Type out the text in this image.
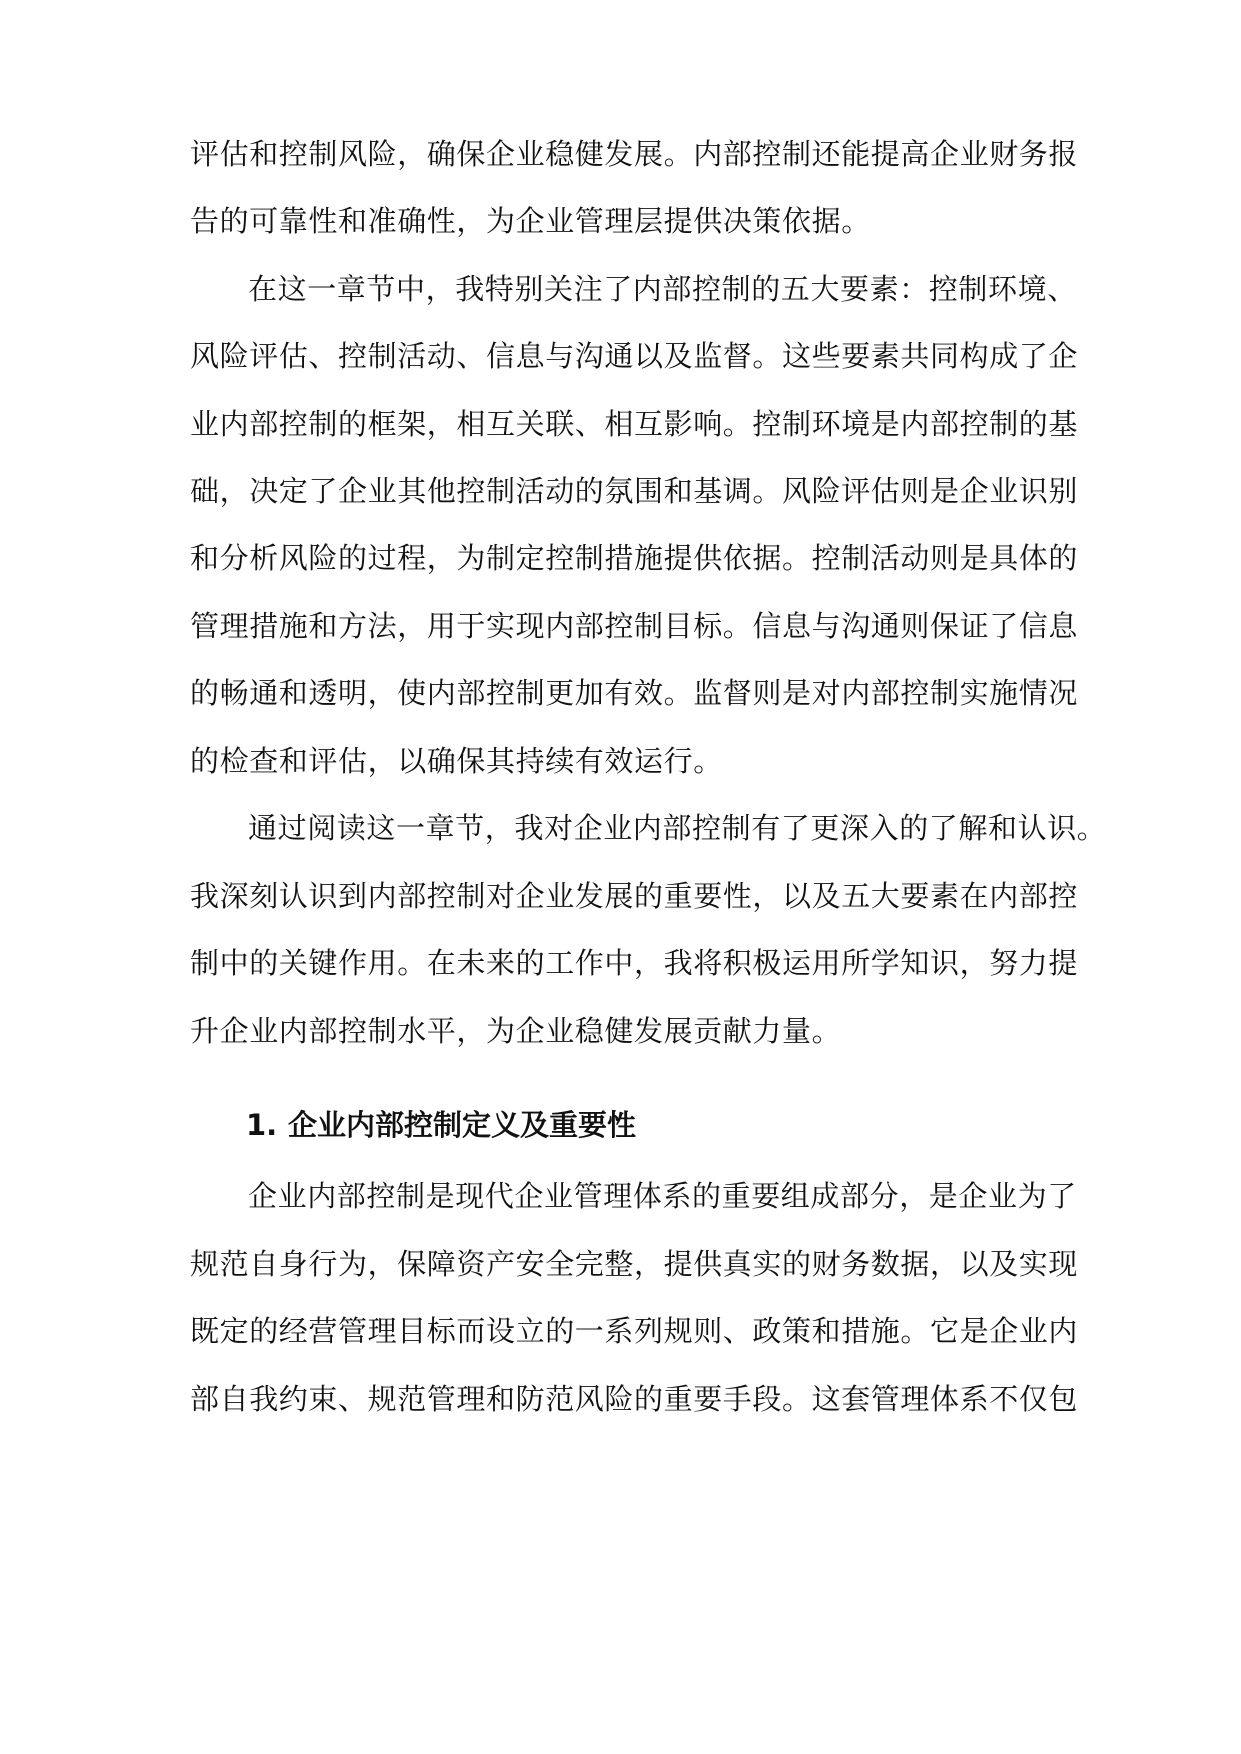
评估和控制风险，确保企业稳健发展。内部控制还能提高企业财务报
告的可靠性和准确性，为企业管理层提供决策依据。
在这一章节中，我特别关注了内部控制的五大要素：控制环境、
风险评估、控制活动、信息与沟通以及监督。这些要素共同构成了企
业内部控制的框架，相互关联、相互影响。控制环境是内部控制的基
础，决定了企业其他控制活动的氛围和基调。风险评估则是企业识别
和分析风险的过程，为制定控制措施提供依据。控制活动则是具体的
管理措施和方法，用于实现内部控制目标。信息与沟通则保证了信息
的畅通和透明，使内部控制更加有效。监督则是对内部控制实施情况
的检查和评估，以确保其持续有效运行。
通过阅读这一章节，我对企业内部控制有了更深入的了解和认识。
我深刻认识到内部控制对企业发展的重要性，以及五大要素在内部控
制中的关键作用。在未来的工作中，我将积极运用所学知识，努力提
升企业内部控制水平，为企业稳健发展贡献力量。
1. 企业内部控制定义及重要性
企业内部控制是现代企业管理体系的重要组成部分，是企业为了
规范自身行为，保障资产安全完整，提供真实的财务数据，以及实现
既定的经营管理目标而设立的一系列规则、政策和措施。它是企业内
部自我约束、规范管理和防范风险的重要手段。这套管理体系不仅包
